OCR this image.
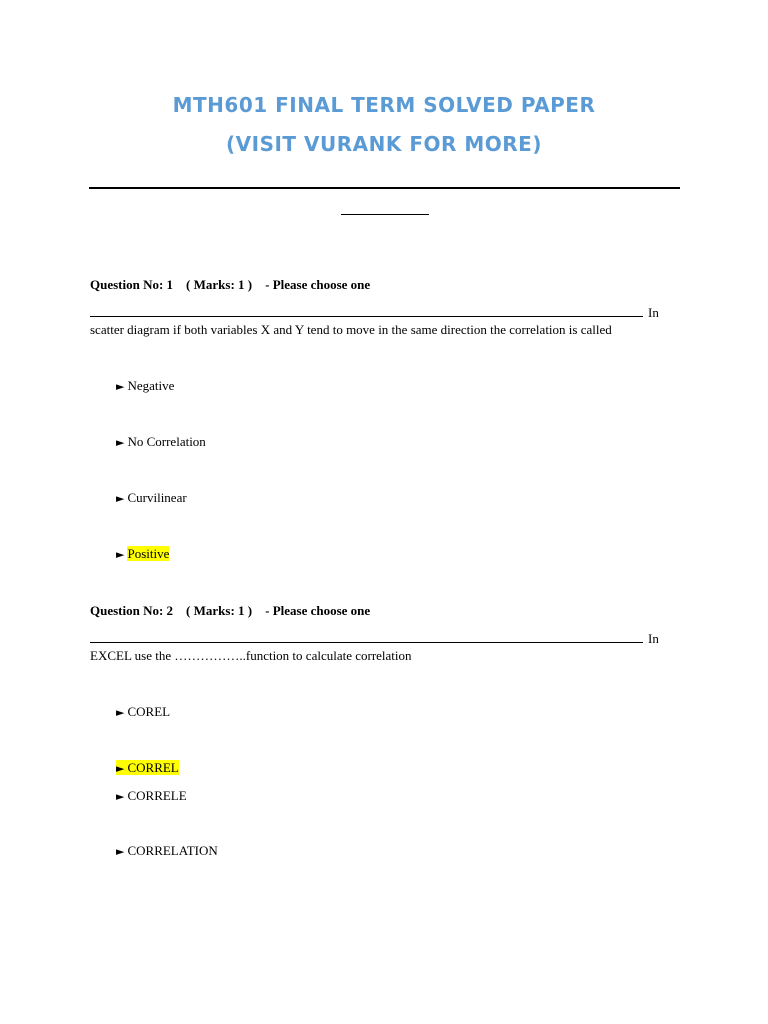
MTH601 FINAL TERM SOLVED PAPER
(VISIT VURANK FOR MORE)
Question No: 1    ( Marks: 1 )    - Please choose one
In
scatter diagram if both variables X and Y tend to move in the same direction the correlation is called
► Negative
► No Correlation
► Curvilinear
► Positive
Question No: 2    ( Marks: 1 )    - Please choose one
In
EXCEL use the ……………..function to calculate correlation
► COREL
► CORREL
► CORRELE
► CORRELATION
